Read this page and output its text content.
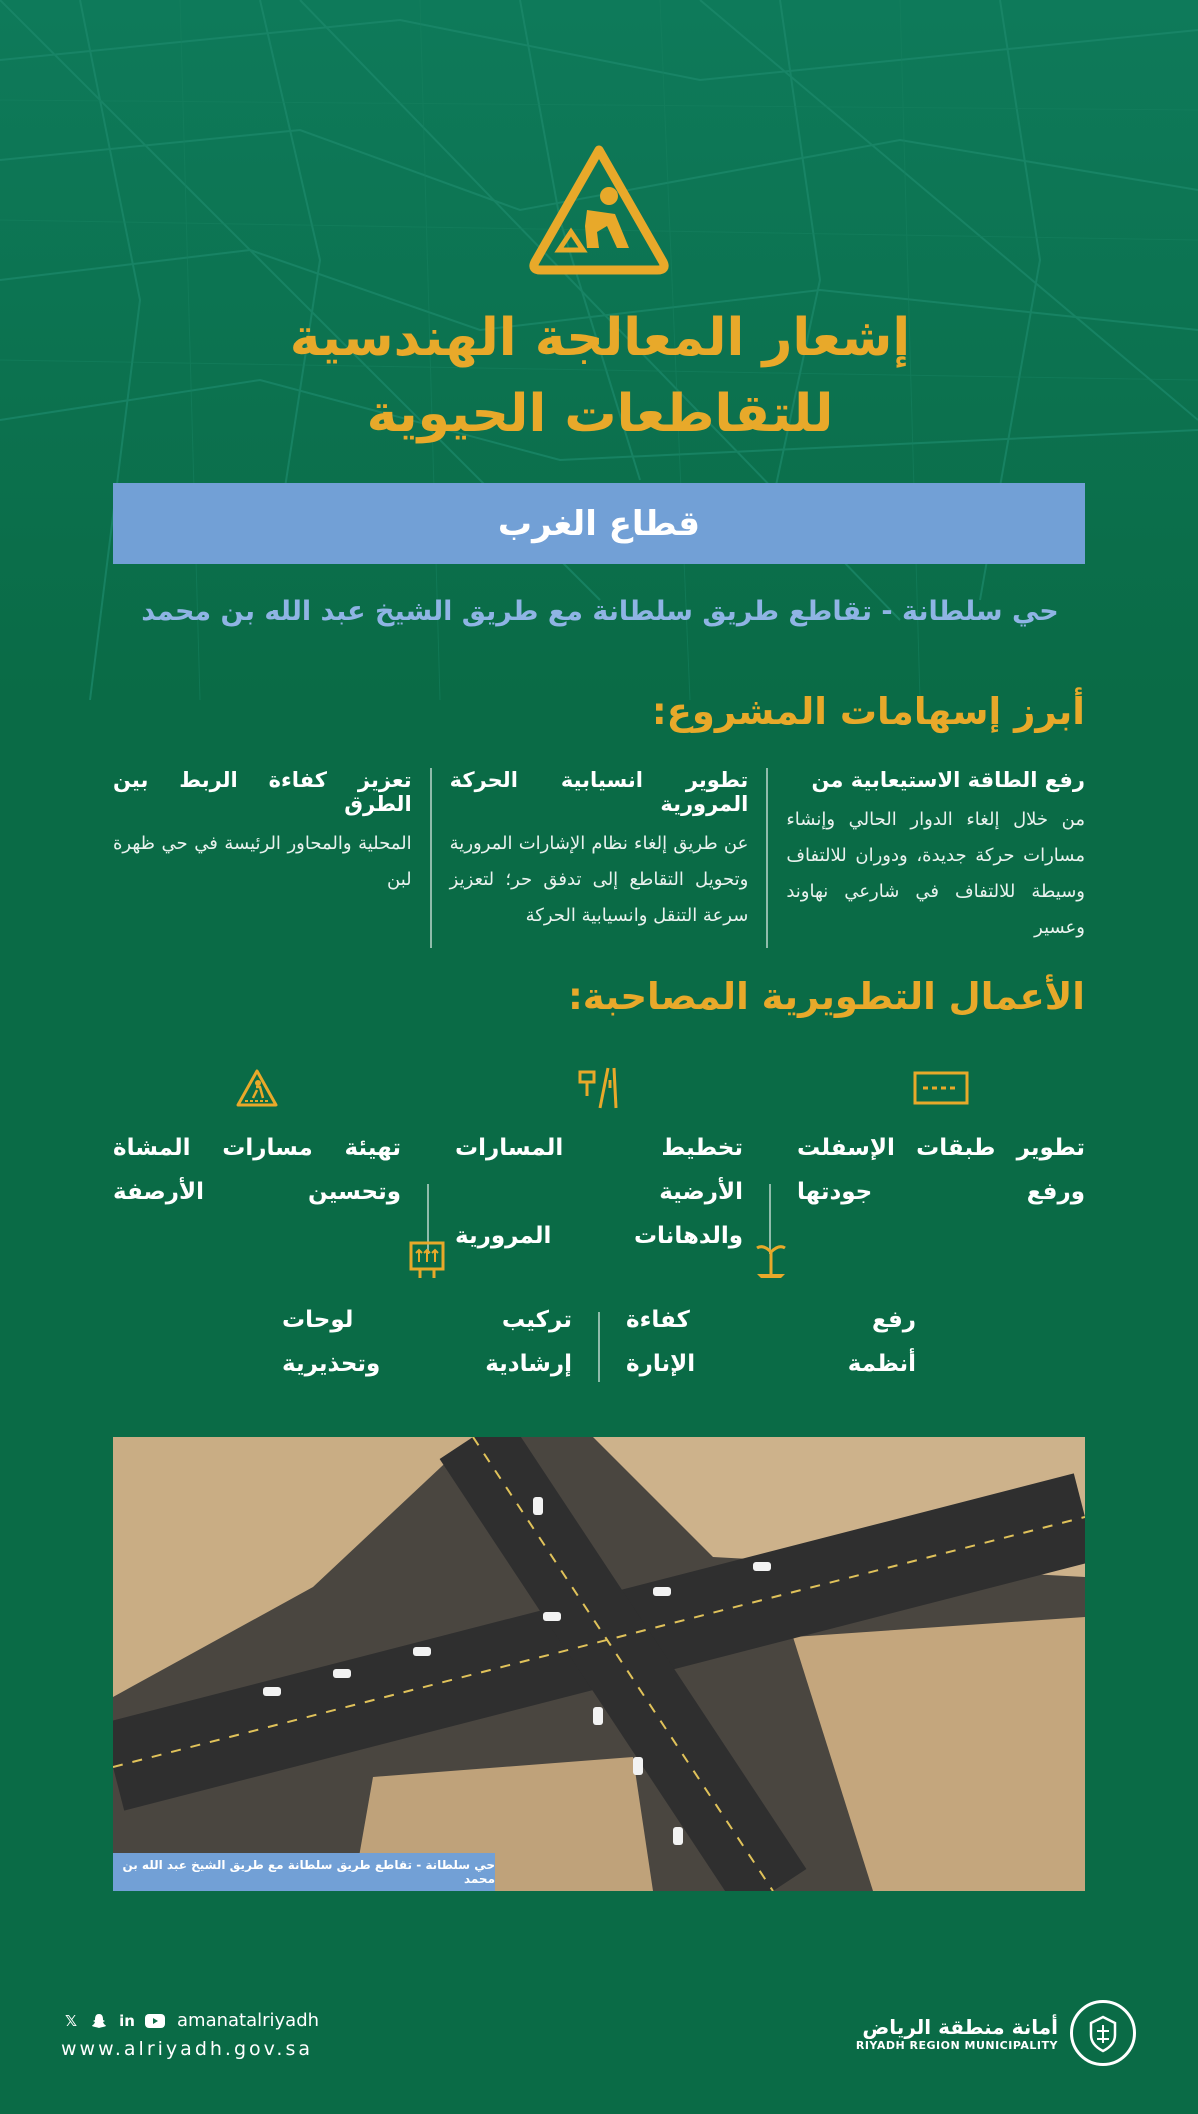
إشعار المعالجة الهندسية
للتقاطعات الحيوية
قطاع الغرب
حي سلطانة - تقاطع طريق سلطانة مع طريق الشيخ عبد الله بن محمد
أبرز إسهامات المشروع:
رفع الطاقة الاستيعابية من

من خلال إلغاء الدوار الحالي وإنشاء مسارات حركة جديدة، ودوران للالتفاف وسيطة للالتفاف في شارعي نهاوند وعسير

تطوير انسيابية الحركة المرورية

عن طريق إلغاء نظام الإشارات المرورية وتحويل التقاطع إلى تدفق حر؛ لتعزيز سرعة التنقل وانسيابية الحركة

تعزيز كفاءة الربط بين الطرق

المحلية والمحاور الرئيسة في حي ظهرة لبن

الأعمال التطويرية المصاحبة:
تطوير طبقات الإسفلت
ورفع جودتها
تخطيط المسارات الأرضية
والدهانات المرورية
تهيئة مسارات المشاة
وتحسين الأرصفة
رفع كفاءة
أنظمة الإنارة
تركيب لوحات
إرشادية وتحذيرية
حي سلطانة - تقاطع طريق سلطانة مع طريق الشيخ عبد الله بن محمد
𝕏	in amanatalriyadh
www.alriyadh.gov.sa
أمانة منطقة الرياض
RIYADH REGION MUNICIPALITY
